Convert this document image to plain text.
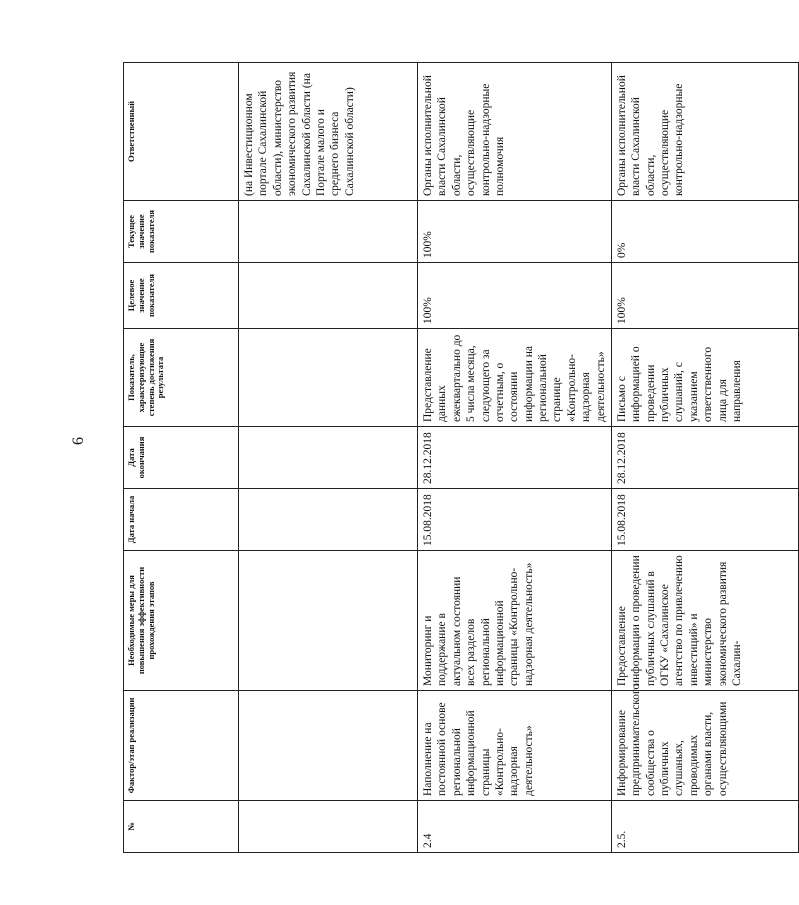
6
№	Фактор/этап реализации	Необходимые меры для повышения эффективности прохождения этапов	Дата начала	Дата окончания	Показатель, характеризующие степень достижения результата	Целевое значение показателя	Текущее значение показателя	Ответственный
								(на Инвестиционном портале Сахалинской области), министерство экономического развития Сахалинской области (на Портале малого и среднего бизнеса Сахалинской области)
2.4	Наполнение на постоянной основе региональной информационной страницы «Контрольно-надзорная деятельность»	Мониторинг и поддержание в актуальном состоянии всех разделов региональной информационной страницы «Контрольно-надзорная деятельность»	15.08.2018	28.12.2018	Представление данных ежеквартально до 5 числа месяца, следующего за отчетным, о состоянии информации на региональной странице «Контрольно-надзорная деятельность»	100%	100%	Органы исполнительной власти Сахалинской области, осуществляющие контрольно-надзорные полномочия
2.5.	Информирование предпринимательского сообщества о публичных слушаньях, проводимых органами власти, осуществляющими	Предоставление информации о проведении публичных слушаний в ОГКУ «Сахалинское агентство по привлечению инвестиций» и министерство экономического развития Сахалин-	15.08.2018	28.12.2018	Письмо с информацией о проведении публичных слушаний, с указанием ответственного лица для направления	100%	0%	Органы исполнительной власти Сахалинской области, осуществляющие контрольно-надзорные
